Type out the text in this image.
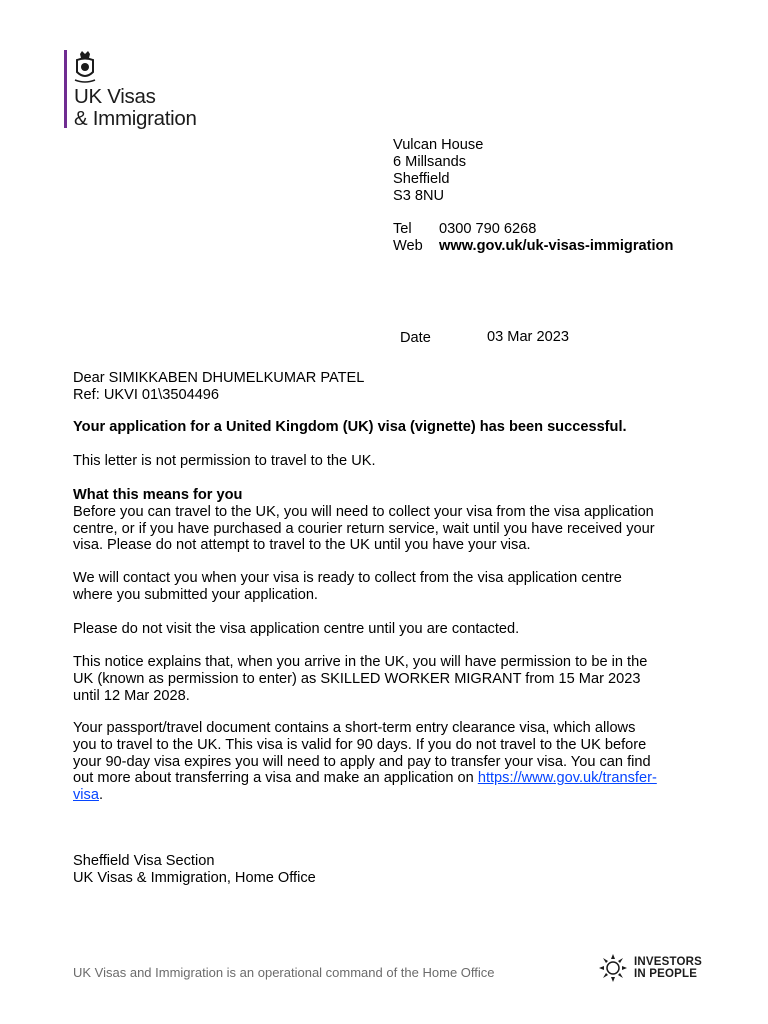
UK Visas
& Immigration
Vulcan House
6 Millsands
Sheffield
S3 8NU
Tel 0300 790 6268
Web www.gov.uk/uk-visas-immigration
Date	03 Mar 2023
Dear SIMIKKABEN DHUMELKUMAR PATEL
Ref: UKVI 01\3504496
Your application for a United Kingdom (UK) visa (vignette) has been successful.
This letter is not permission to travel to the UK.
What this means for you
Before you can travel to the UK, you will need to collect your visa from the visa application
centre, or if you have purchased a courier return service, wait until you have received your
visa. Please do not attempt to travel to the UK until you have your visa.
We will contact you when your visa is ready to collect from the visa application centre
where you submitted your application.
Please do not visit the visa application centre until you are contacted.
This notice explains that, when you arrive in the UK, you will have permission to be in the
UK (known as permission to enter) as SKILLED WORKER MIGRANT from 15 Mar 2023
until 12 Mar 2028.
Your passport/travel document contains a short-term entry clearance visa, which allows
you to travel to the UK. This visa is valid for 90 days. If you do not travel to the UK before
your 90-day visa expires you will need to apply and pay to transfer your visa. You can find
out more about transferring a visa and make an application on https://www.gov.uk/transfer-
visa.
Sheffield Visa Section
UK Visas & Immigration, Home Office
UK Visas and Immigration is an operational command of the Home Office
INVESTORS
IN PEOPLE
